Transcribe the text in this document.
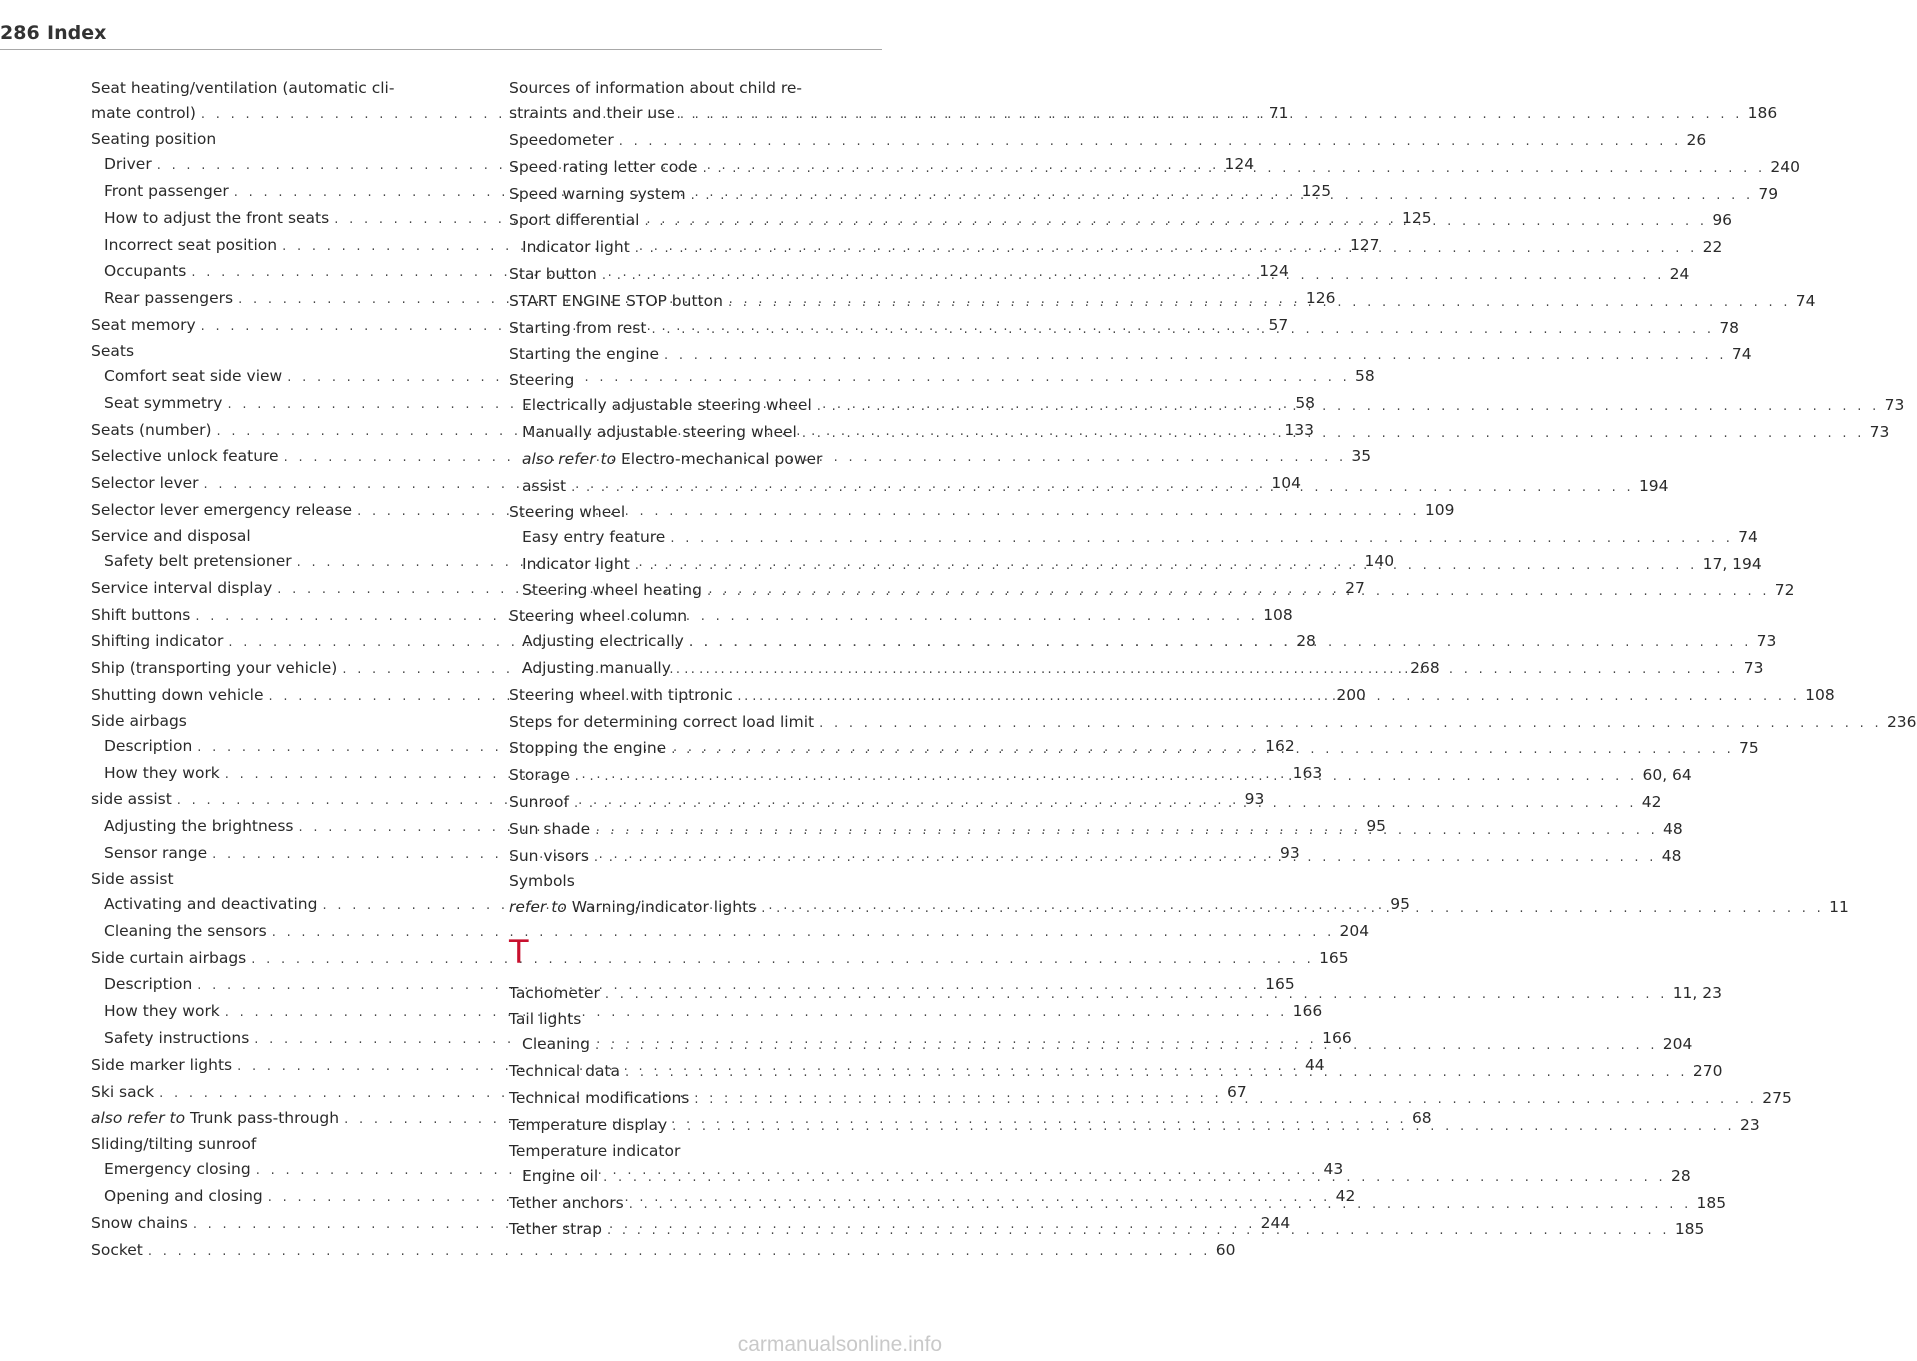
286 Index
Seat heating/ventilation (automatic cli-
mate control) . . .	71
Seating position
Driver . . .	124
Front passenger . . .	125
How to adjust the front seats . . .	125
Incorrect seat position . . .	127
Occupants . . .	124
Rear passengers . . .	126
Seat memory . . .	57
Seats
Comfort seat side view . . .	58
Seat symmetry . . .	58
Seats (number) . . .	133
Selective unlock feature . . .	35
Selector lever . . .	104
Selector lever emergency release . . .	109
Service and disposal
Safety belt pretensioner . . .	140
Service interval display . . .	27
Shift buttons . . .	108
Shifting indicator . . .	28
Ship (transporting your vehicle) . . .	268
Shutting down vehicle . . .	200
Side airbags
Description . . .	162
How they work . . .	163
side assist . . .	93
Adjusting the brightness . . .	95
Sensor range . . .	93
Side assist
Activating and deactivating . . .	95
Cleaning the sensors . . .	204
Side curtain airbags . . .	165
Description . . .	165
How they work . . .	166
Safety instructions . . .	166
Side marker lights . . .	44
Ski sack . . .	67
also refer to Trunk pass-through . . .	68
Sliding/tilting sunroof
Emergency closing . . .	43
Opening and closing . . .	42
Snow chains . . .	244
Socket . . .	60
Sources of information about child re-
straints and their use . . .	186
Speedometer . . .	26
Speed rating letter code . . .	240
Speed warning system . . .	79
Sport differential . . .	96
Indicator light . . .	22
Star button . . .	24
START ENGINE STOP button . . .	74
Starting from rest . . .	78
Starting the engine . . .	74
Steering
Electrically adjustable steering wheel . . .	73
Manually adjustable steering wheel . . .	73
also refer to Electro-mechanical power
assist . . .	194
Steering wheel
Easy entry feature . . .	74
Indicator light . . .	17, 194
Steering wheel heating . . .	72
Steering wheel column
Adjusting electrically . . .	73
Adjusting manually . . .	73
Steering wheel with tiptronic . . .	108
Steps for determining correct load limit . . .	236
Stopping the engine . . .	75
Storage . . .	60, 64
Sunroof . . .	42
Sun shade . . .	48
Sun visors . . .	48
Symbols
refer to Warning/indicator lights . . .	11
T
Tachometer . . .	11, 23
Tail lights
Cleaning . . .	204
Technical data . . .	270
Technical modifications . . .	275
Temperature display . . .	23
Temperature indicator
Engine oil . . .	28
Tether anchors . . .	185
Tether strap . . .	185
carmanualsonline.info
